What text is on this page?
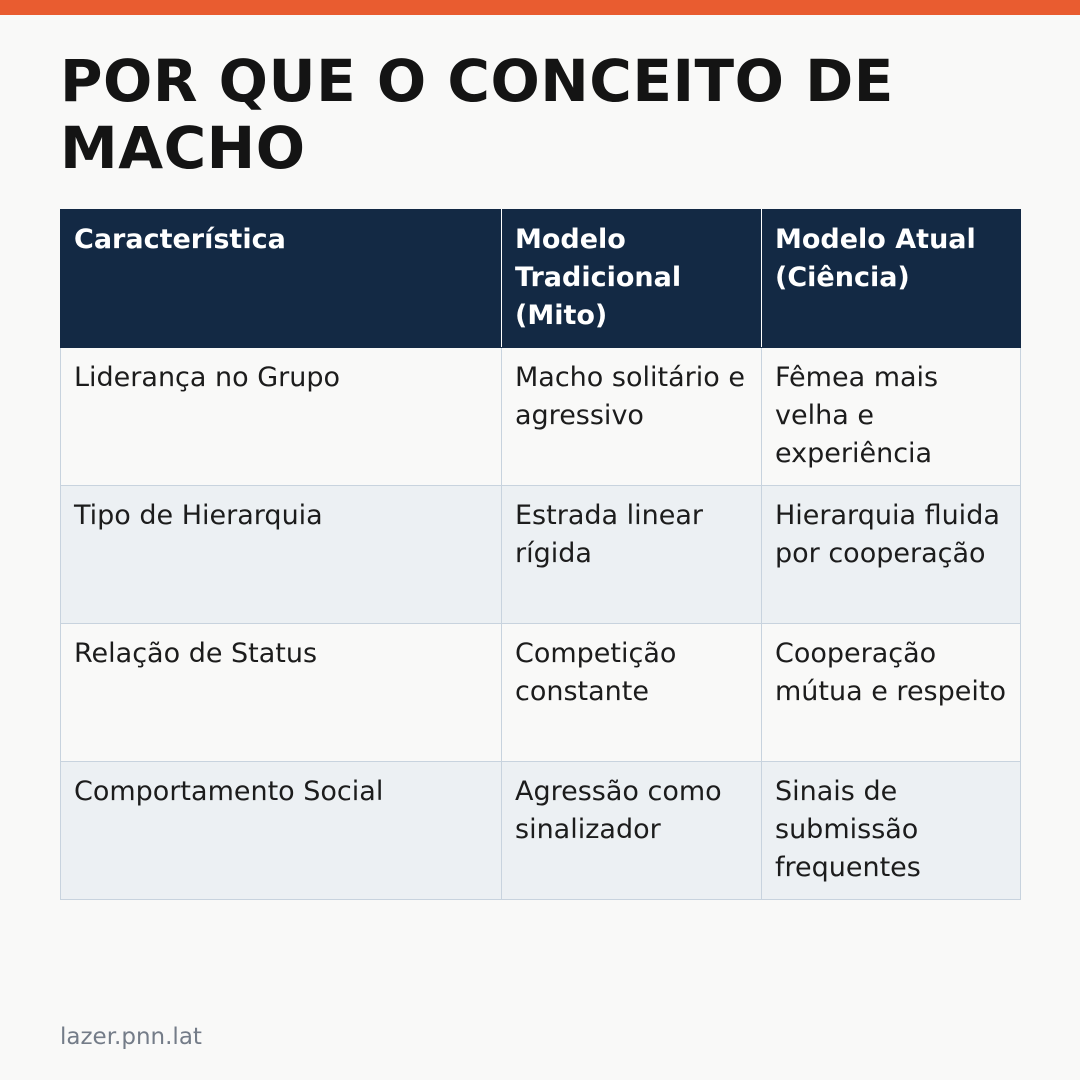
POR QUE O CONCEITO DE MACHO
Característica	Modelo Tradicional (Mito)	Modelo Atual (Ciência)
Liderança no Grupo	Macho solitário e agressivo	Fêmea mais velha e experiência
Tipo de Hierarquia	Estrada linear rígida	Hierarquia fluida por cooperação
Relação de Status	Competição constante	Cooperação mútua e respeito
Comportamento Social	Agressão como sinalizador	Sinais de submissão frequentes
lazer.pnn.lat
